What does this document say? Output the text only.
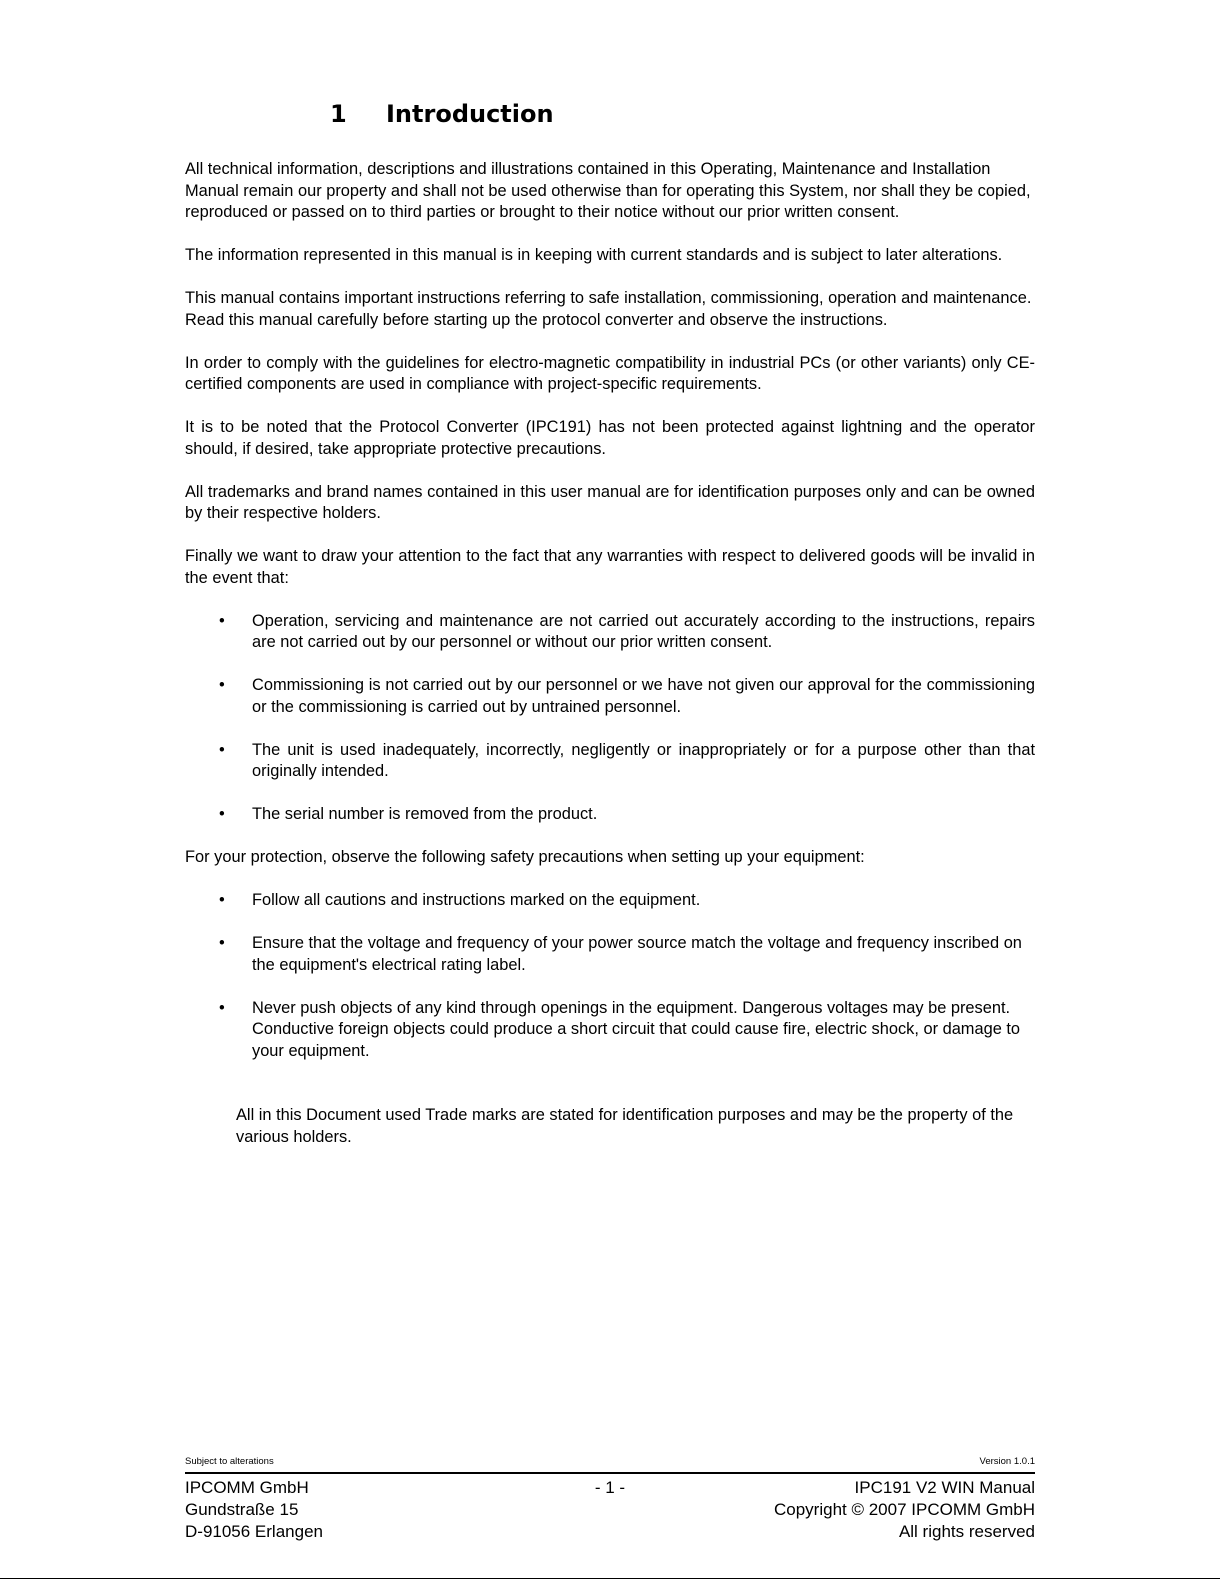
1 Introduction

All technical information, descriptions and illustrations contained in this Operating, Maintenance and Installation Manual remain our property and shall not be used otherwise than for operating this System, nor shall they be copied, reproduced or passed on to third parties or brought to their notice without our prior written consent.

The information represented in this manual is in keeping with current standards and is subject to later alterations.

This manual contains important instructions referring to safe installation, commissioning, operation and maintenance.

Read this manual carefully before starting up the protocol converter and observe the instructions.

In order to comply with the guidelines for electro-magnetic compatibility in industrial PCs (or other variants) only CE-certified components are used in compliance with project-specific requirements.

It is to be noted that the Protocol Converter (IPC191) has not been protected against lightning and the operator should, if desired, take appropriate protective precautions.

All trademarks and brand names contained in this user manual are for identification purposes only and can be owned by their respective holders.

Finally we want to draw your attention to the fact that any warranties with respect to delivered goods will be invalid in the event that:

• Operation, servicing and maintenance are not carried out accurately according to the instructions, repairs are not carried out by our personnel or without our prior written consent.
• Commissioning is not carried out by our personnel or we have not given our approval for the commissioning or the commissioning is carried out by untrained personnel.
• The unit is used inadequately, incorrectly, negligently or inappropriately or for a purpose other than that originally intended.
• The serial number is removed from the product.

For your protection, observe the following safety precautions when setting up your equipment:

• Follow all cautions and instructions marked on the equipment.
• Ensure that the voltage and frequency of your power source match the voltage and frequency inscribed on the equipment's electrical rating label.
• Never push objects of any kind through openings in the equipment. Dangerous voltages may be present. Conductive foreign objects could produce a short circuit that could cause fire, electric shock, or damage to your equipment.

All in this Document used Trade marks are stated for identification purposes and may be the property of the various holders.

Subject to alterations	Version 1.0.1
IPCOMM GmbH
Gundstraße 15
D-91056 Erlangen
- 1 -	IPC191 V2 WIN Manual
Copyright © 2007 IPCOMM GmbH
All rights reserved
